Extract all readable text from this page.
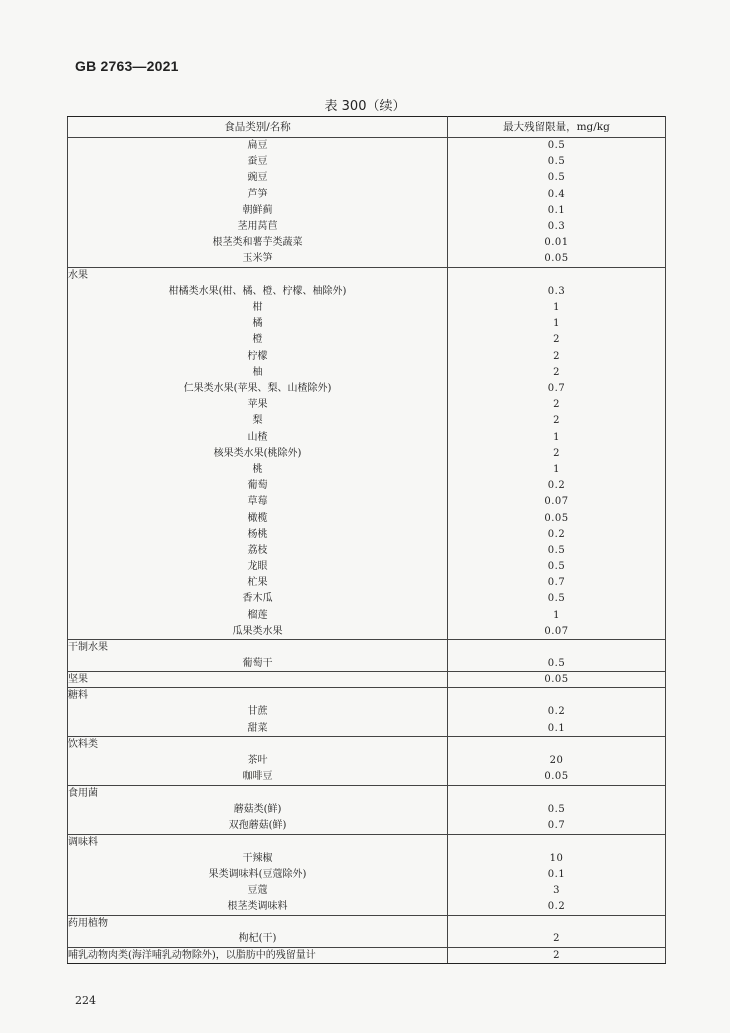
GB 2763—2021
表 300（续）
食品类别/名称	最大残留限量，mg/kg
扁豆	0.5
蚕豆	0.5
豌豆	0.5
芦笋	0.4
朝鲜蓟	0.1
茎用莴苣	0.3
根茎类和薯芋类蔬菜	0.01
玉米笋	0.05
水果	
柑橘类水果(柑、橘、橙、柠檬、柚除外)	0.3
柑	1
橘	1
橙	2
柠檬	2
柚	2
仁果类水果(苹果、梨、山楂除外)	0.7
苹果	2
梨	2
山楂	1
核果类水果(桃除外)	2
桃	1
葡萄	0.2
草莓	0.07
橄榄	0.05
杨桃	0.2
荔枝	0.5
龙眼	0.5
杧果	0.7
香木瓜	0.5
榴莲	1
瓜果类水果	0.07
干制水果	
葡萄干	0.5
坚果	0.05
糖料	
甘蔗	0.2
甜菜	0.1
饮料类	
茶叶	20
咖啡豆	0.05
食用菌	
蘑菇类(鲜)	0.5
双孢蘑菇(鲜)	0.7
调味料	
干辣椒	10
果类调味料(豆蔻除外)	0.1
豆蔻	3
根茎类调味料	0.2
药用植物	
枸杞(干)	2
哺乳动物肉类(海洋哺乳动物除外)，以脂肪中的残留量计	2
224
